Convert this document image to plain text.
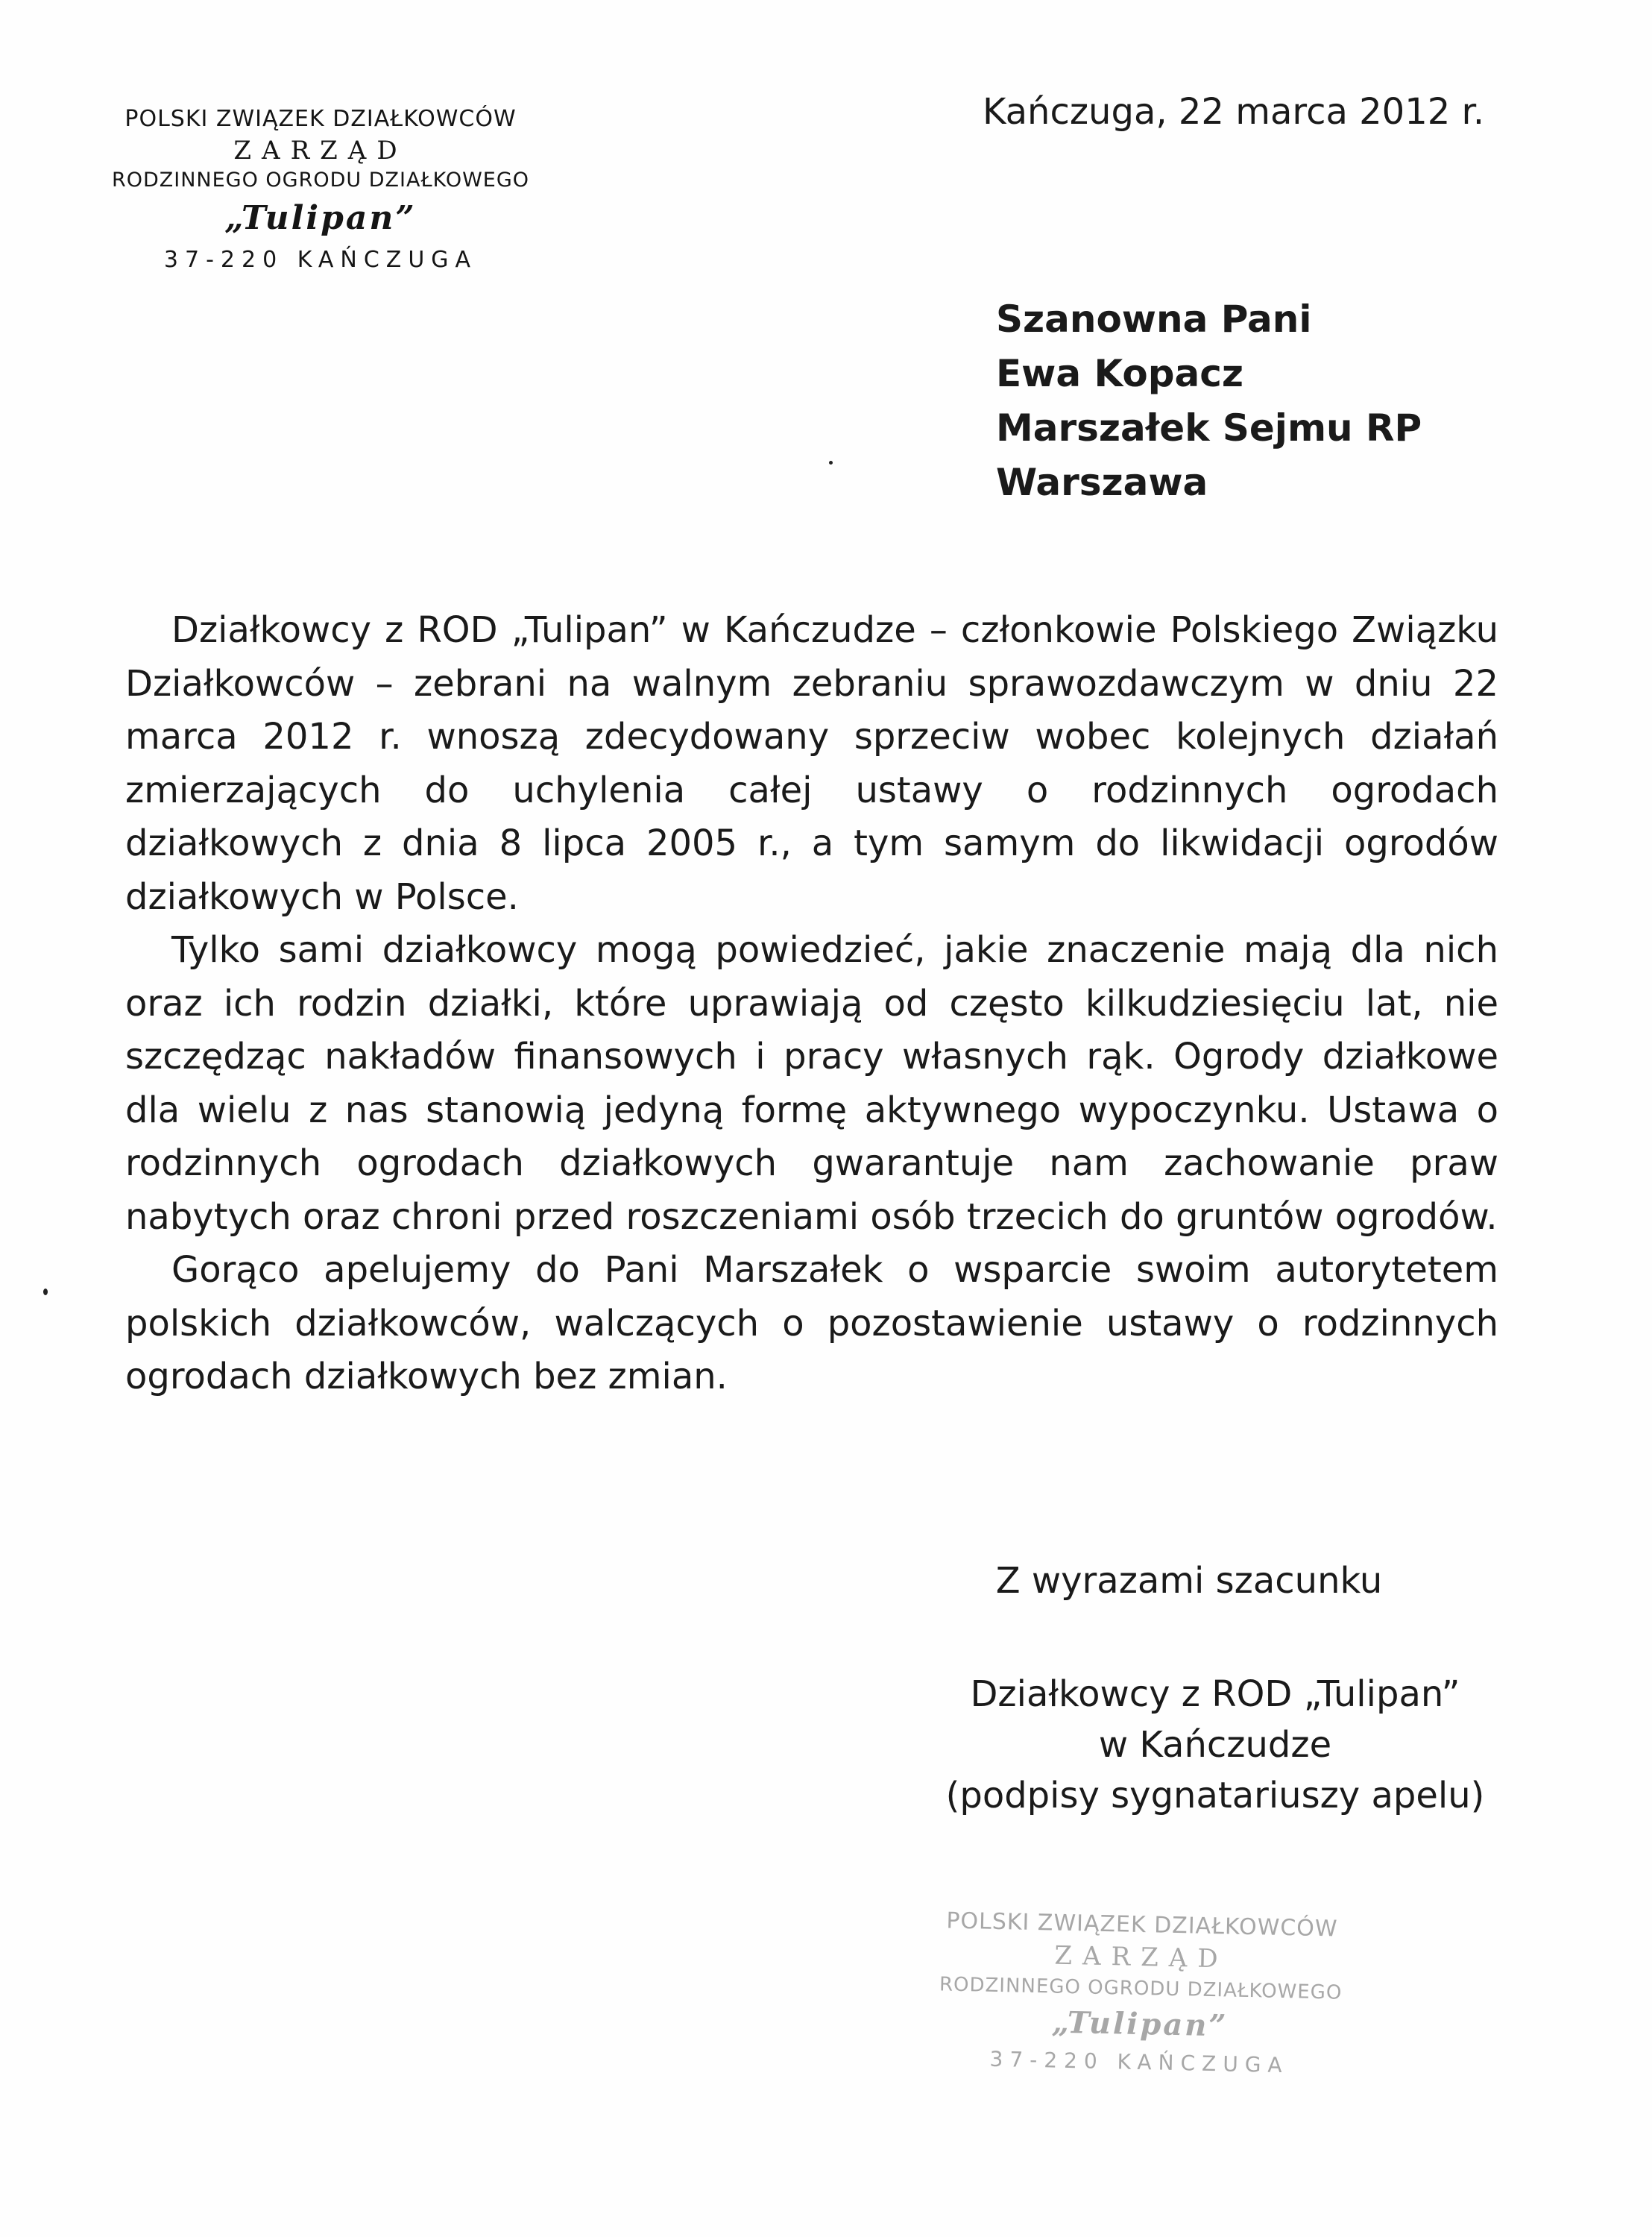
POLSKI ZWIĄZEK DZIAŁKOWCÓW
ZARZĄD
RODZINNEGO OGRODU DZIAŁKOWEGO
„Tulipan”
37-220 KAŃCZUGA
Kańczuga, 22 marca 2012 r.
Szanowna Pani
Ewa Kopacz
Marszałek Sejmu RP
Warszawa

Działkowcy z ROD „Tulipan” w Kańczudze – członkowie Polskiego Związku Działkowców – zebrani na walnym zebraniu sprawozdawczym w dniu 22 marca 2012 r. wnoszą zdecydowany sprzeciw wobec kolejnych działań zmierzających do uchylenia całej ustawy o rodzinnych ogrodach działkowych z dnia 8 lipca 2005 r., a tym samym do likwidacji ogrodów działkowych w Polsce.

Tylko sami działkowcy mogą powiedzieć, jakie znaczenie mają dla nich oraz ich rodzin działki, które uprawiają od często kilkudziesięciu lat, nie szczędząc nakładów finansowych i pracy własnych rąk. Ogrody działkowe dla wielu z nas stanowią jedyną formę aktywnego wypoczynku. Ustawa o rodzinnych ogrodach działkowych gwarantuje nam zachowanie praw nabytych oraz chroni przed roszczeniami osób trzecich do gruntów ogrodów.

Gorąco apelujemy do Pani Marszałek o wsparcie swoim autorytetem polskich działkowców, walczących o pozostawienie ustawy o rodzinnych ogrodach działkowych bez zmian.

Z wyrazami szacunku
Działkowcy z ROD „Tulipan”
w Kańczudze
(podpisy sygnatariuszy apelu)
POLSKI ZWIĄZEK DZIAŁKOWCÓW
ZARZĄD
RODZINNEGO OGRODU DZIAŁKOWEGO
„Tulipan”
37-220 KAŃCZUGA
